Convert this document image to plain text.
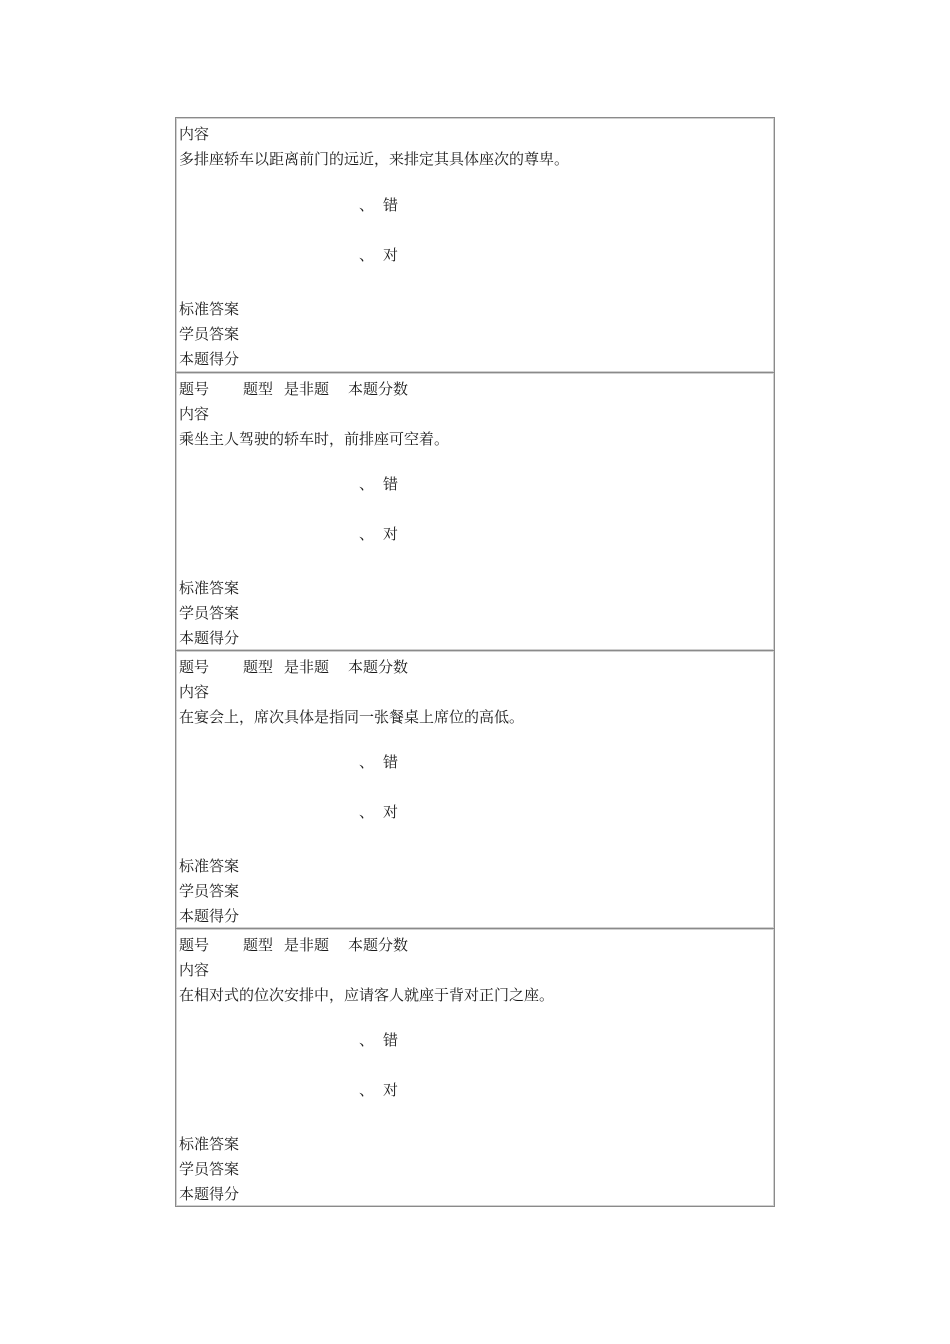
内容
多排座轿车以距离前门的远近，来排定其具体座次的尊卑。
、 错
、 对
标准答案
学员答案
本题得分
题号 题型 是非题 本题分数
内容
乘坐主人驾驶的轿车时，前排座可空着。
、 错
、 对
标准答案
学员答案
本题得分
题号 题型 是非题 本题分数
内容
在宴会上，席次具体是指同一张餐桌上席位的高低。
、 错
、 对
标准答案
学员答案
本题得分
题号 题型 是非题 本题分数
内容
在相对式的位次安排中，应请客人就座于背对正门之座。
、 错
、 对
标准答案
学员答案
本题得分
